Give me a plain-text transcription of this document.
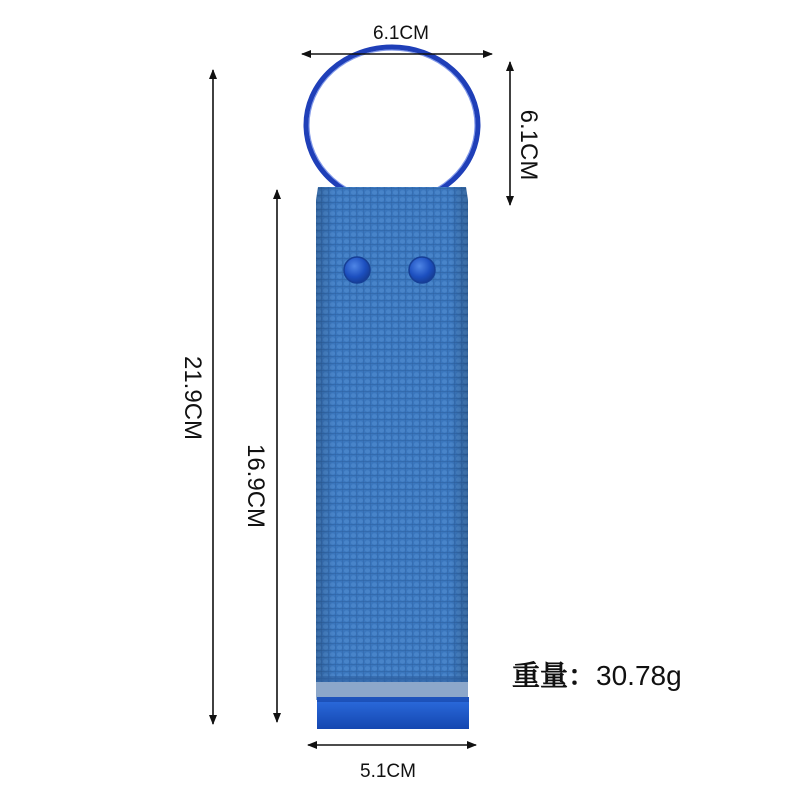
6.1CM
5.1CM
6.1CM
21.9CM
16.9CM
重量：30.78g
